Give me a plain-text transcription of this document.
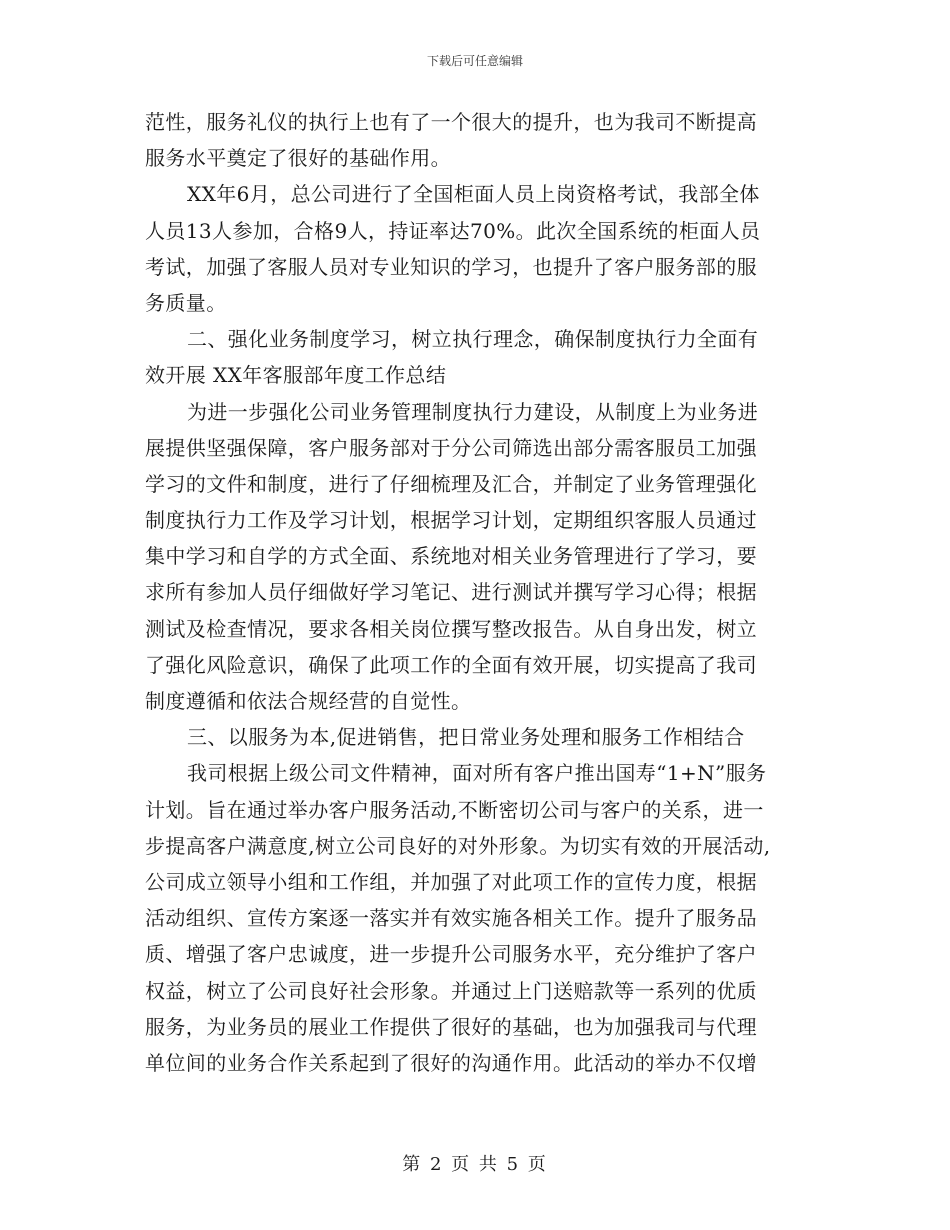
下载后可任意编辑
范性，服务礼仪的执行上也有了一个很大的提升，也为我司不断提高
服务水平奠定了很好的基础作用。
XX年6月，总公司进行了全国柜面人员上岗资格考试，我部全体
人员13人参加，合格9人，持证率达70%。此次全国系统的柜面人员
考试，加强了客服人员对专业知识的学习，也提升了客户服务部的服
务质量。
二、强化业务制度学习，树立执行理念，确保制度执行力全面有
效开展 XX年客服部年度工作总结
为进一步强化公司业务管理制度执行力建设，从制度上为业务进
展提供坚强保障，客户服务部对于分公司筛选出部分需客服员工加强
学习的文件和制度，进行了仔细梳理及汇合，并制定了业务管理强化
制度执行力工作及学习计划，根据学习计划，定期组织客服人员通过
集中学习和自学的方式全面、系统地对相关业务管理进行了学习，要
求所有参加人员仔细做好学习笔记、进行测试并撰写学习心得；根据
测试及检查情况，要求各相关岗位撰写整改报告。从自身出发，树立
了强化风险意识，确保了此项工作的全面有效开展，切实提高了我司
制度遵循和依法合规经营的自觉性。
三、以服务为本,促进销售，把日常业务处理和服务工作相结合
我司根据上级公司文件精神，面对所有客户推出国寿“1+N”服务
计划。旨在通过举办客户服务活动,不断密切公司与客户的关系，进一
步提高客户满意度,树立公司良好的对外形象。为切实有效的开展活动,
公司成立领导小组和工作组，并加强了对此项工作的宣传力度，根据
活动组织、宣传方案逐一落实并有效实施各相关工作。提升了服务品
质、增强了客户忠诚度，进一步提升公司服务水平，充分维护了客户
权益，树立了公司良好社会形象。并通过上门送赔款等一系列的优质
服务，为业务员的展业工作提供了很好的基础，也为加强我司与代理
单位间的业务合作关系起到了很好的沟通作用。此活动的举办不仅增
第 2 页 共 5 页
